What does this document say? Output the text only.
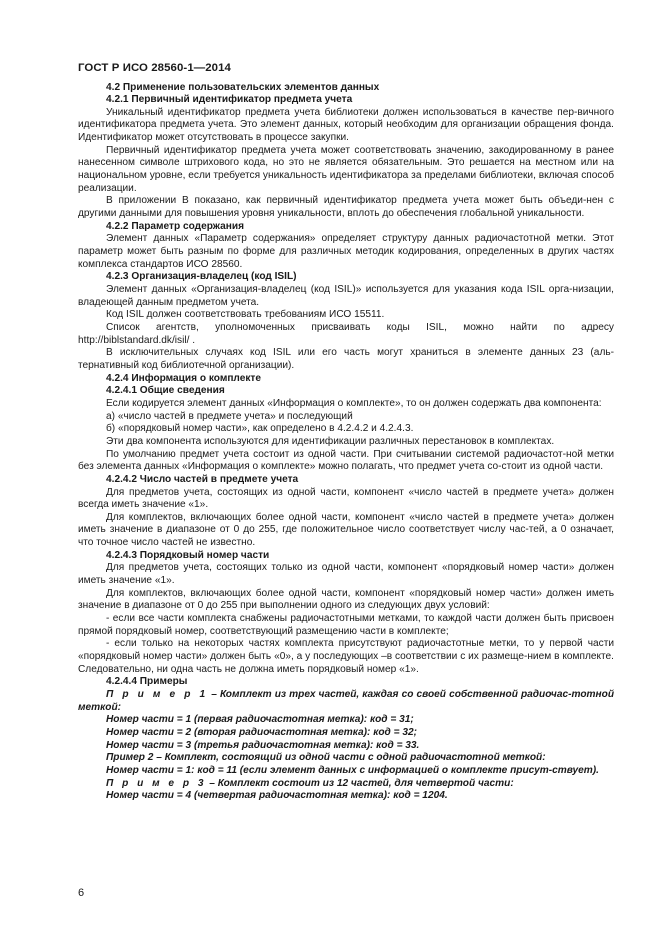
ГОСТ Р ИСО 28560-1—2014

4.2 Применение пользовательских элементов данных

4.2.1 Первичный идентификатор предмета учета

Уникальный идентификатор предмета учета библиотеки должен использоваться в качестве пер-вичного идентификатора предмета учета. Это элемент данных, который необходим для организации обращения фонда. Идентификатор может отсутствовать в процессе закупки.

Первичный идентификатор предмета учета может соответствовать значению, закодированному в ранее нанесенном символе штрихового кода, но это не является обязательным. Это решается на местном или на национальном уровне, если требуется уникальность идентификатора за пределами библиотеки, включая способ реализации.

В приложении В показано, как первичный идентификатор предмета учета может быть объеди-нен с другими данными для повышения уровня уникальности, вплоть до обеспечения глобальной уникальности.

4.2.2 Параметр содержания

Элемент данных «Параметр содержания» определяет структуру данных радиочастотной метки. Этот параметр может быть разным по форме для различных методик кодирования, определенных в других частях комплекса стандартов ИСО 28560.

4.2.3 Организация-владелец (код ISIL)

Элемент данных «Организация-владелец (код ISIL)» используется для указания кода ISIL орга-низации, владеющей данным предметом учета.

Код ISIL должен соответствовать требованиям ИСО 15511.

Список агентств, уполномоченных присваивать коды ISIL, можно найти по адресу

http://biblstandard.dk/isil/ .

В исключительных случаях код ISIL или его часть могут храниться в элементе данных 23 (аль-тернативный код библиотечной организации).

4.2.4 Информация о комплекте

4.2.4.1 Общие сведения

Если кодируется элемент данных «Информация о комплекте», то он должен содержать два компонента:

а) «число частей в предмете учета» и последующий

б) «порядковый номер части», как определено в 4.2.4.2 и 4.2.4.3.

Эти два компонента используются для идентификации различных перестановок в комплектах.

По умолчанию предмет учета состоит из одной части. При считывании системой радиочастот-ной метки без элемента данных «Информация о комплекте» можно полагать, что предмет учета со-стоит из одной части.

4.2.4.2 Число частей в предмете учета

Для предметов учета, состоящих из одной части, компонент «число частей в предмете учета» должен всегда иметь значение «1».

Для комплектов, включающих более одной части, компонент «число частей в предмете учета» должен иметь значение в диапазоне от 0 до 255, где положительное число соответствует числу час-тей, а 0 означает, что точное число частей не известно.

4.2.4.3 Порядковый номер части

Для предметов учета, состоящих только из одной части, компонент «порядковый номер части» должен иметь значение «1».

Для комплектов, включающих более одной части, компонент «порядковый номер части» должен иметь значение в диапазоне от 0 до 255 при выполнении одного из следующих двух условий:

- если все части комплекта снабжены радиочастотными метками, то каждой части должен быть присвоен прямой порядковый номер, соответствующий размещению части в комплекте;

- если только на некоторых частях комплекта присутствуют радиочастотные метки, то у первой части «порядковый номер части» должен быть «0», а у последующих –в соответствии с их размеще-нием в комплекте. Следовательно, ни одна часть не должна иметь порядковый номер «1».

4.2.4.4 Примеры

П р и м е р 1 – Комплект из трех частей, каждая со своей собственной радиочас-тотной меткой:

Номер части = 1 (первая радиочастотная метка): код = 31;

Номер части = 2 (вторая радиочастотная метка): код = 32;

Номер части = 3 (третья радиочастотная метка): код = 33.

Пример 2 – Комплект, состоящий из одной части с одной радиочастотной меткой:

Номер части = 1: код = 11 (если элемент данных с информацией о комплекте присут-ствует).

П р и м е р 3 – Комплект состоит из 12 частей, для четвертой части:

Номер части = 4 (четвертая радиочастотная метка): код = 1204.

6
